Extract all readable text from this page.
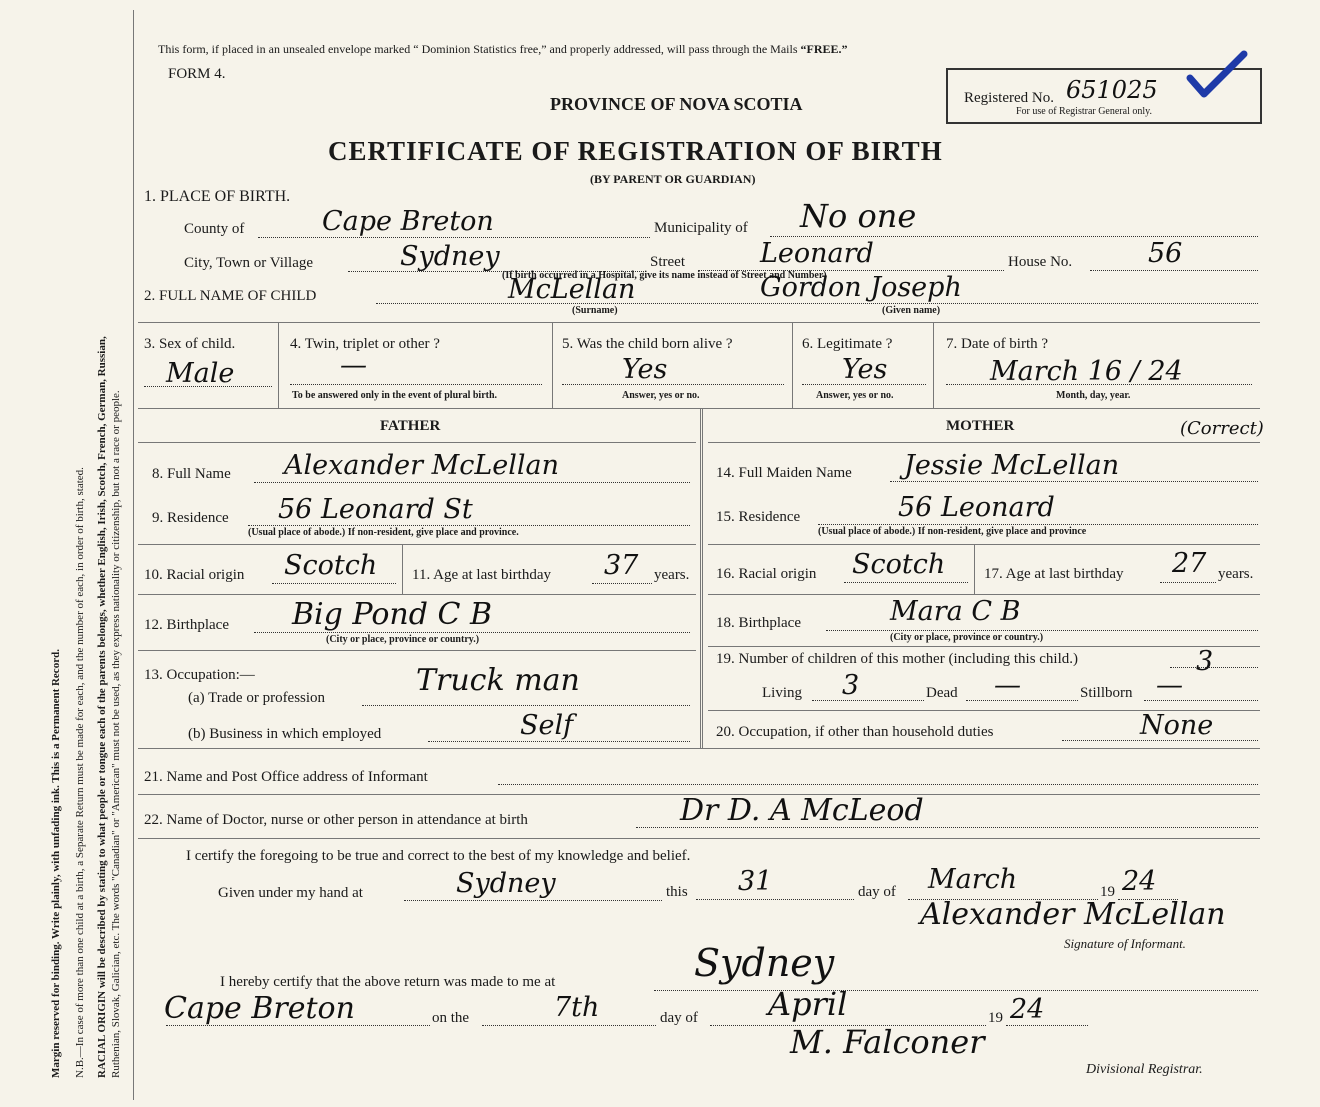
Margin reserved for binding. Write plainly, with unfading ink. This is a Permanent Record. N.B.—In case of more than one child at a birth, a Separate Return must be made for each, and the number of each, in order of birth, stated. RACIAL ORIGIN will be described by stating to what people or tongue each of the parents belongs, whether English, Irish, Scotch, French, German, Russian, Ruthenian, Slovak, Galician, etc. The words "Canadian" or "American" must not be used, as they express nationality or citizenship, but not a race or people.
This form, if placed in an unsealed envelope marked “ Dominion Statistics free,” and properly addressed, will pass through the Mails “FREE.”
FORM 4.
PROVINCE OF NOVA SCOTIA
CERTIFICATE OF REGISTRATION OF BIRTH
(BY PARENT OR GUARDIAN)
Registered No. 651025
For use of Registrar General only.
1. PLACE OF BIRTH.
County of	Cape Breton	Municipality of No one
City, Town or Village	Sydney	Street	Leonard	House No.	56
(If birth occurred in a Hospital, give its name instead of Street and Number)
2. FULL NAME OF CHILD	McLellan	Gordon Joseph
(Surname)	(Given name)
3. Sex of child.
Male
4. Twin, triplet or other ?
—
To be answered only in the event of plural birth.
5. Was the child born alive ?
Yes
Answer, yes or no.
6. Legitimate ?
Yes
Answer, yes or no.
7. Date of birth ?
March 16 / 24
Month, day, year.
FATHER	MOTHER	(Correct)
8. Full Name Alexander McLellan	14. Full Maiden Name Jessie McLellan
9. Residence 56 Leonard St
(Usual place of abode.) If non-resident, give place and province.
15. Residence	56 Leonard
(Usual place of abode.) If non-resident, give place and province
10. Racial origin Scotch 11. Age at last birthday 37 years. 16. Racial origin Scotch	17. Age at last birthday 27 years.
12. Birthplace Big Pond C B
(City or place, province or country.)
18. Birthplace	Mara C B
(City or place, province or country.)
13. Occupation:—
(a) Trade or profession	Truck man
(b) Business in which employed	Self
19. Number of children of this mother (including this child.)	3
Living 3	Dead —	Stillborn —
20. Occupation, if other than household duties	None
21. Name and Post Office address of Informant
22. Name of Doctor, nurse or other person in attendance at birth	Dr D. A McLeod
I certify the foregoing to be true and correct to the best of my knowledge and belief.
Given under my hand at	Sydney	this 31	day of March	19 24
Alexander McLellan
Signature of Informant.
I hereby certify that the above return was made to me at	Sydney
Cape Breton	on the	7th	day of April	19 24
M. Falconer
Divisional Registrar.
